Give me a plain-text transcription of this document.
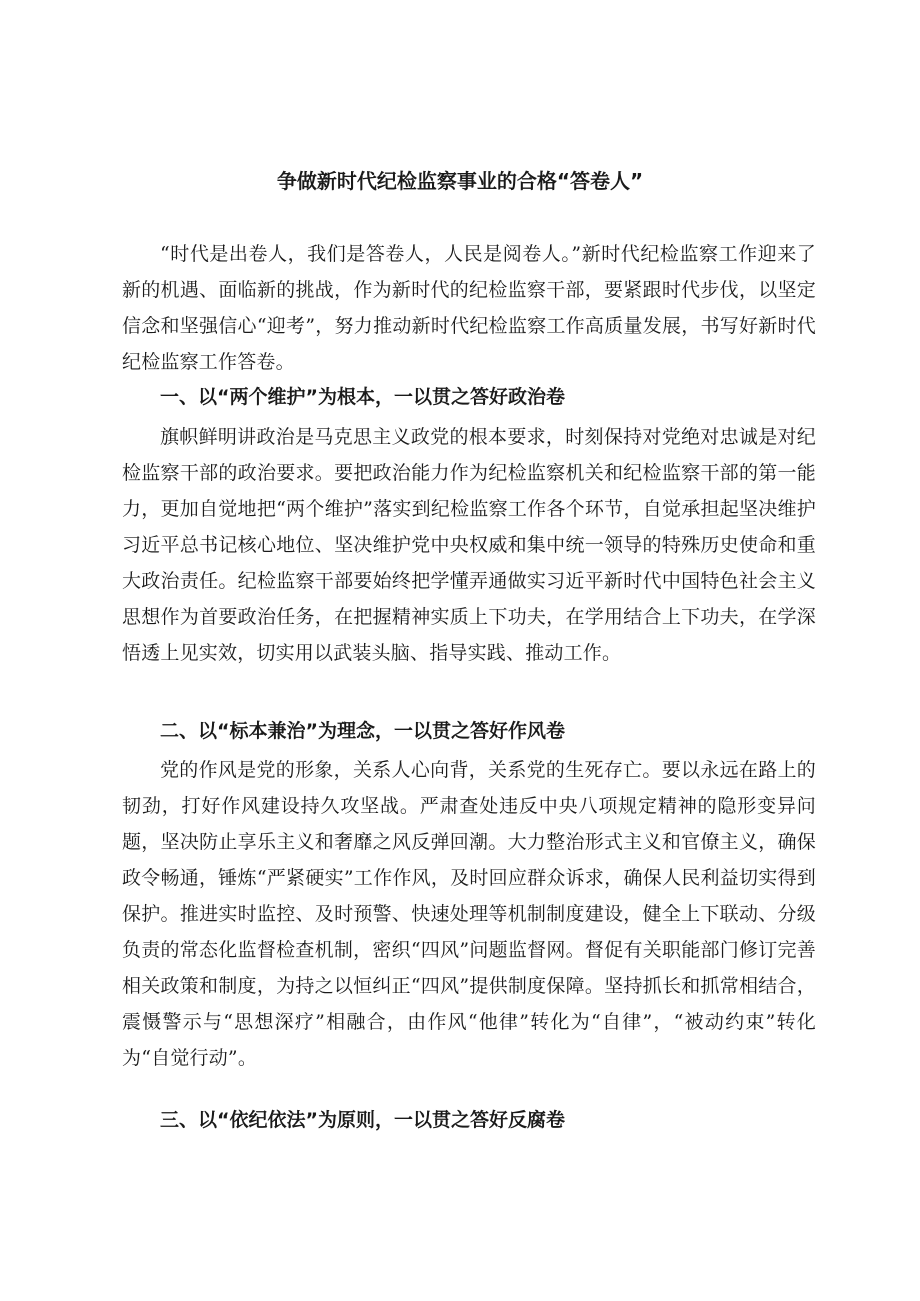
争做新时代纪检监察事业的合格“答卷人”

“时代是出卷人，我们是答卷人，人民是阅卷人。”新时代纪检监察工作迎来了新的机遇、面临新的挑战，作为新时代的纪检监察干部，要紧跟时代步伐，以坚定信念和坚强信心“迎考”，努力推动新时代纪检监察工作高质量发展，书写好新时代纪检监察工作答卷。

一、以“两个维护”为根本，一以贯之答好政治卷

旗帜鲜明讲政治是马克思主义政党的根本要求，时刻保持对党绝对忠诚是对纪检监察干部的政治要求。要把政治能力作为纪检监察机关和纪检监察干部的第一能力，更加自觉地把“两个维护”落实到纪检监察工作各个环节，自觉承担起坚决维护习近平总书记核心地位、坚决维护党中央权威和集中统一领导的特殊历史使命和重大政治责任。纪检监察干部要始终把学懂弄通做实习近平新时代中国特色社会主义思想作为首要政治任务，在把握精神实质上下功夫，在学用结合上下功夫，在学深悟透上见实效，切实用以武装头脑、指导实践、推动工作。

二、以“标本兼治”为理念，一以贯之答好作风卷

党的作风是党的形象，关系人心向背，关系党的生死存亡。要以永远在路上的韧劲，打好作风建设持久攻坚战。严肃查处违反中央八项规定精神的隐形变异问题，坚决防止享乐主义和奢靡之风反弹回潮。大力整治形式主义和官僚主义，确保政令畅通，锤炼“严紧硬实”工作作风，及时回应群众诉求，确保人民利益切实得到保护。推进实时监控、及时预警、快速处理等机制制度建设，健全上下联动、分级负责的常态化监督检查机制，密织“四风”问题监督网。督促有关职能部门修订完善相关政策和制度，为持之以恒纠正“四风”提供制度保障。坚持抓长和抓常相结合，震慑警示与“思想深疗”相融合，由作风“他律”转化为“自律”，“被动约束”转化为“自觉行动”。

三、以“依纪依法”为原则，一以贯之答好反腐卷
